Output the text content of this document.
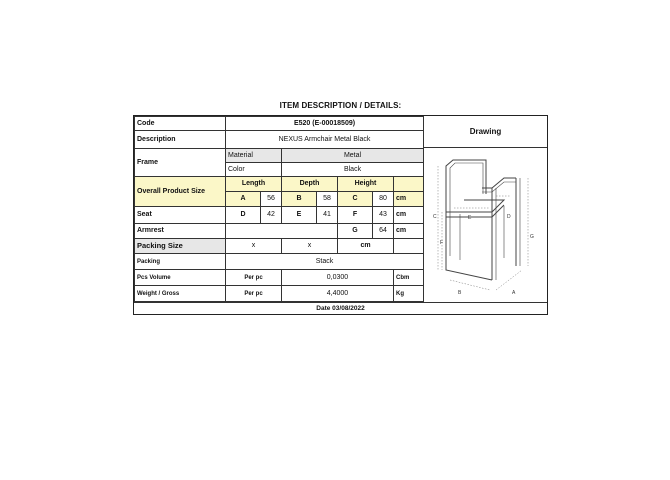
ITEM DESCRIPTION / DETAILS:
Code	E520 (E-00018509)						
Description	NEXUS Armchair Metal Black						
Frame	Material		Metal				
	Color		Black				
Overall Product Size	Length		Depth		Height		
	A	56	B	58	C	80	cm
Seat	D	42	E	41	F	43	cm
Armrest					G	64	cm
Packing Size	x		x		cm		
Packing	Stack						
Pcs Volume	Per pc		0,0300				Cbm
Weight / Gross	Per pc		4,4000				Kg
Drawing
C
F
G
E	D
B	A
Date 03/08/2022
